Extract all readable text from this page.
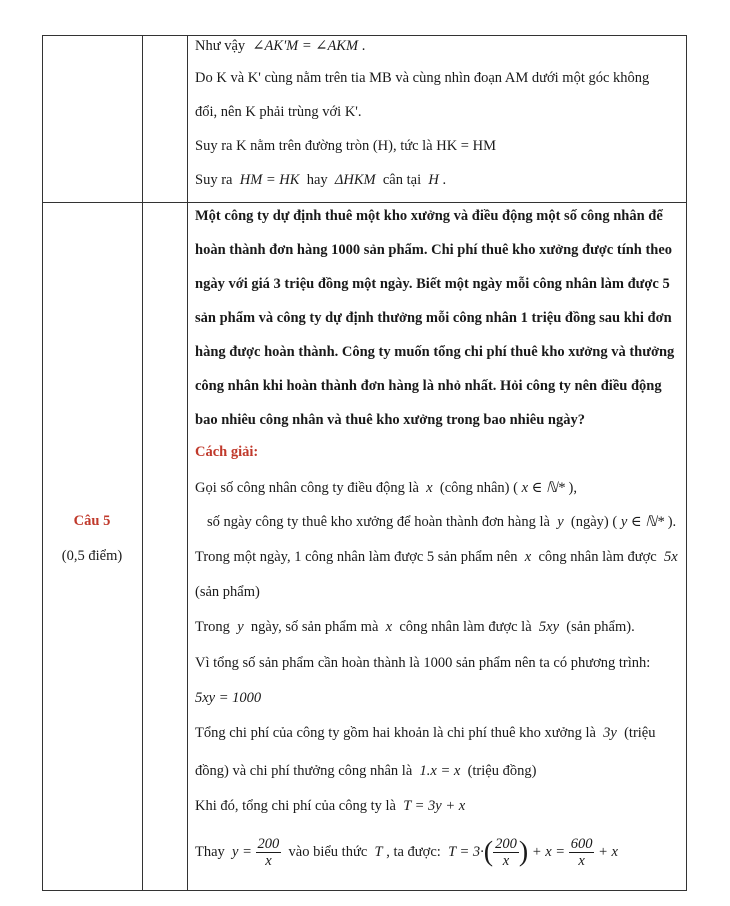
Như vậy ∠AK'M = ∠AKM .
Do K và K' cùng nằm trên tia MB và cùng nhìn đoạn AM dưới một góc không
đổi, nên K phải trùng với K'.
Suy ra K nằm trên đường tròn (H), tức là HK = HM
Suy ra HM = HK hay ΔHKM cân tại H .
Câu 5
(0,5 điểm)
Một công ty dự định thuê một kho xưởng và điều động một số công nhân để
hoàn thành đơn hàng 1000 sản phẩm. Chi phí thuê kho xưởng được tính theo
ngày với giá 3 triệu đồng một ngày. Biết một ngày mỗi công nhân làm được 5
sản phẩm và công ty dự định thưởng mỗi công nhân 1 triệu đồng sau khi đơn
hàng được hoàn thành. Công ty muốn tổng chi phí thuê kho xưởng và thưởng
công nhân khi hoàn thành đơn hàng là nhỏ nhất. Hỏi công ty nên điều động
bao nhiêu công nhân và thuê kho xưởng trong bao nhiêu ngày?
Cách giải:
Gọi số công nhân công ty điều động là x (công nhân) ( x ∈ ℕ* ),
số ngày công ty thuê kho xưởng để hoàn thành đơn hàng là y (ngày) ( y ∈ ℕ* ).
Trong một ngày, 1 công nhân làm được 5 sản phẩm nên x công nhân làm được 5x
(sản phẩm)
Trong y ngày, số sản phẩm mà x công nhân làm được là 5xy (sản phẩm).
Vì tổng số sản phẩm cần hoàn thành là 1000 sản phẩm nên ta có phương trình:
5xy = 1000
Tổng chi phí của công ty gồm hai khoản là chi phí thuê kho xưởng là 3y (triệu
đồng) và chi phí thưởng công nhân là 1.x = x (triệu đồng)
Khi đó, tổng chi phí của công ty là T = 3y + x
Thay $y = \frac{200}{x}$ vào biểu thức T , ta được: $T = 3\cdot( \frac{200}{x}$ ) + $x = \frac{600}{x} + x$
